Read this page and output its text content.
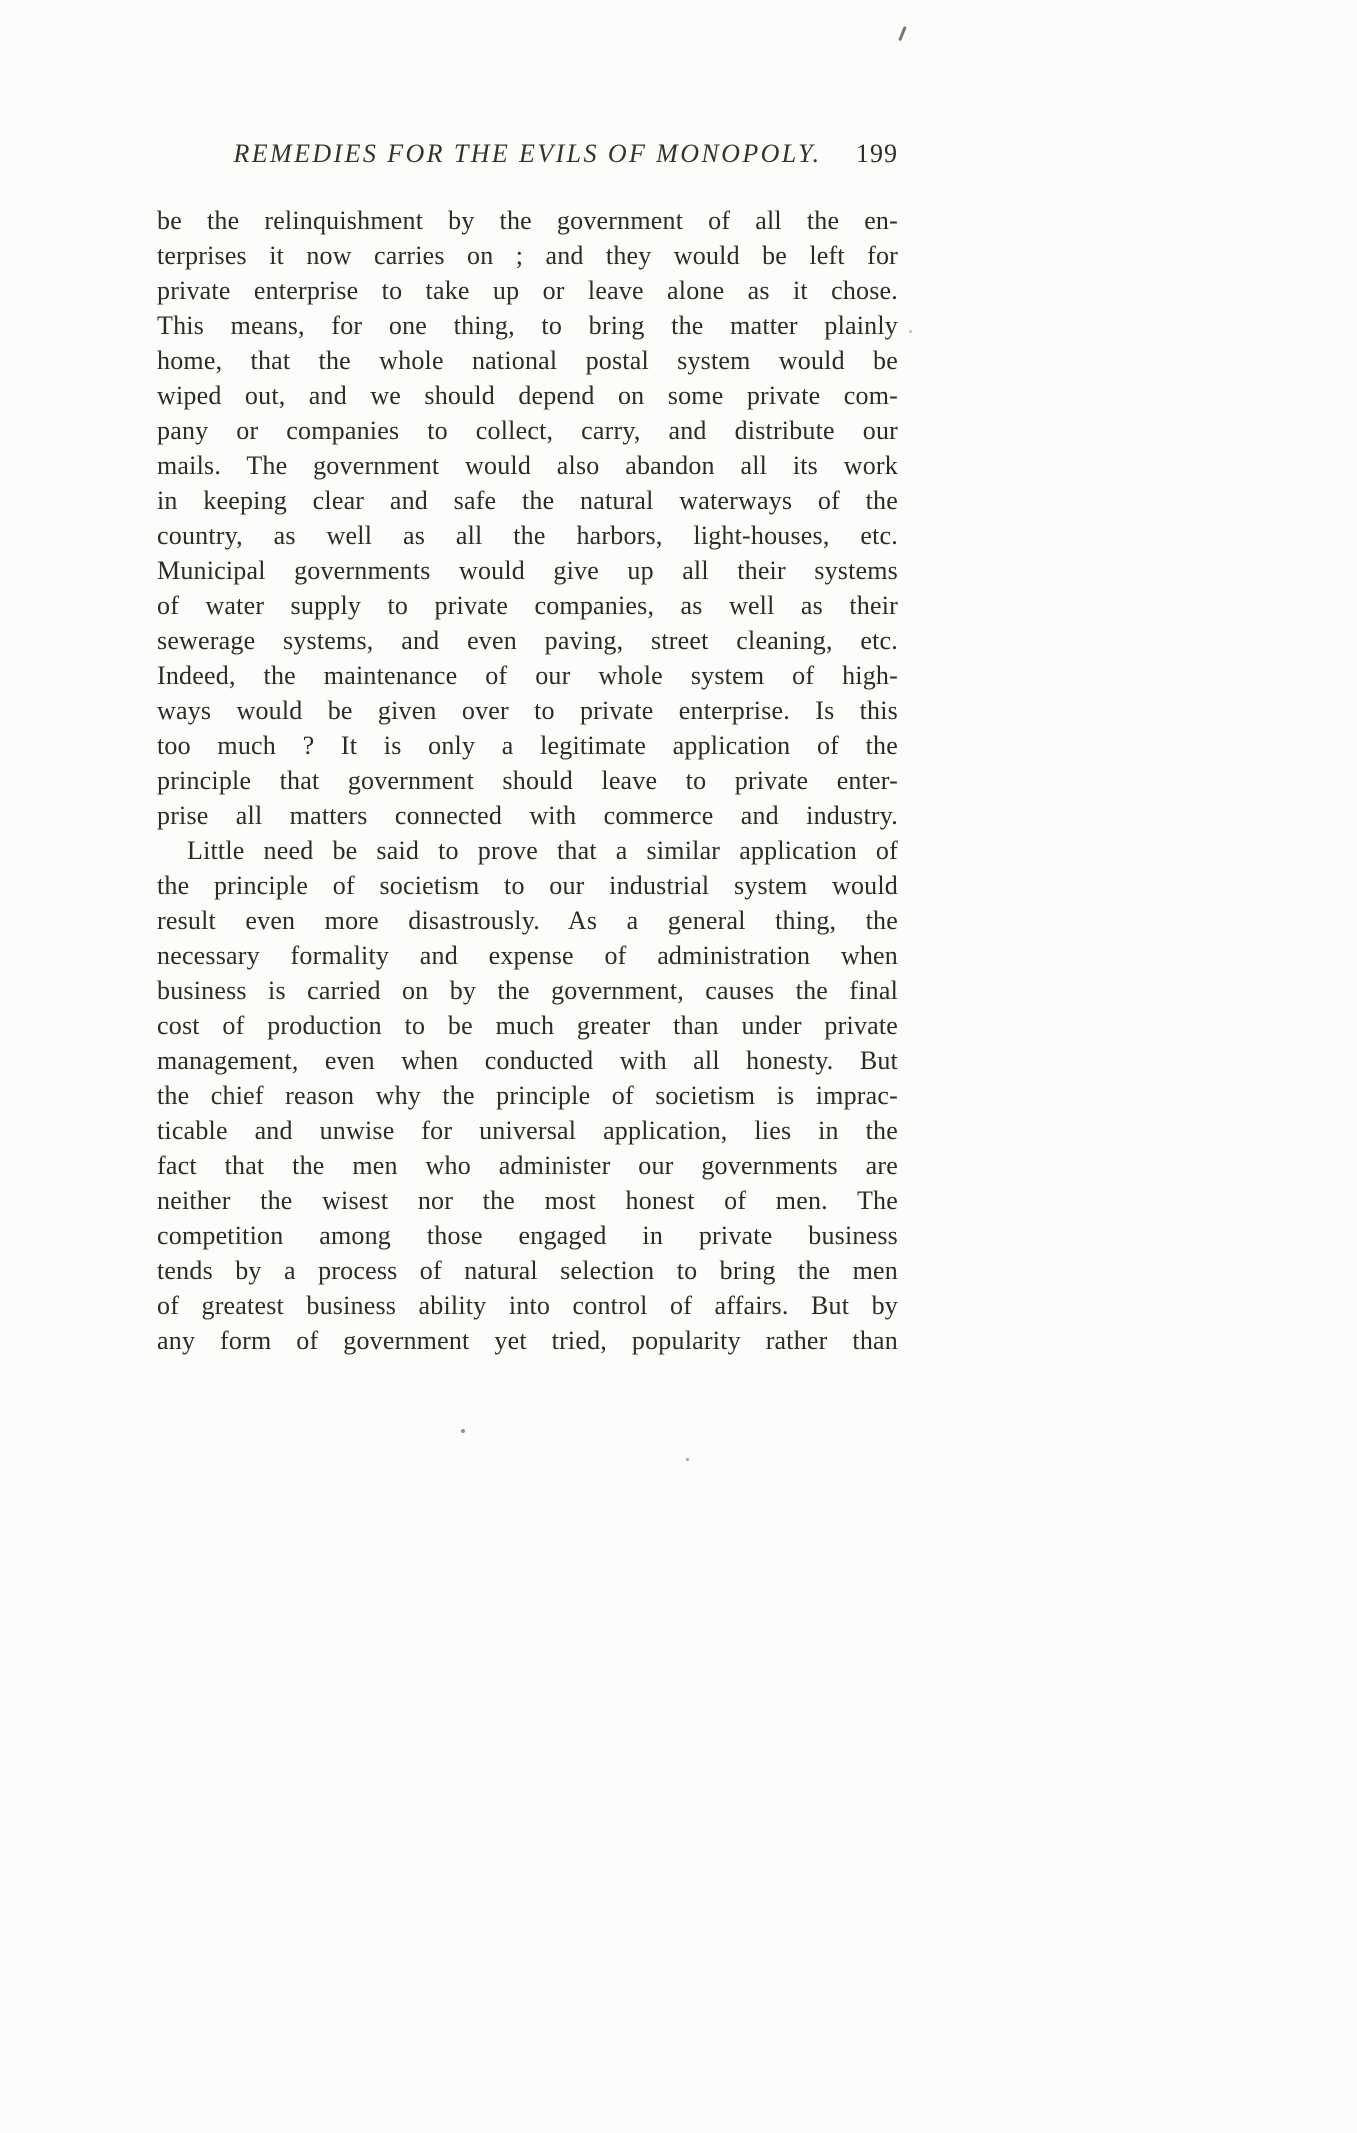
REMEDIES FOR THE EVILS OF MONOPOLY. 199
be the relinquishment by the government of all the en-
terprises it now carries on ; and they would be left for
private enterprise to take up or leave alone as it chose.
This means, for one thing, to bring the matter plainly
home, that the whole national postal system would be
wiped out, and we should depend on some private com-
pany or companies to collect, carry, and distribute our
mails. The government would also abandon all its work
in keeping clear and safe the natural waterways of the
country, as well as all the harbors, light-houses, etc.
Municipal governments would give up all their systems
of water supply to private companies, as well as their
sewerage systems, and even paving, street cleaning, etc.
Indeed, the maintenance of our whole system of high-
ways would be given over to private enterprise. Is this
too much ? It is only a legitimate application of the
principle that government should leave to private enter-
prise all matters connected with commerce and industry.
Little need be said to prove that a similar application of
the principle of societism to our industrial system would
result even more disastrously. As a general thing, the
necessary formality and expense of administration when
business is carried on by the government, causes the final
cost of production to be much greater than under private
management, even when conducted with all honesty. But
the chief reason why the principle of societism is imprac-
ticable and unwise for universal application, lies in the
fact that the men who administer our governments are
neither the wisest nor the most honest of men. The
competition among those engaged in private business
tends by a process of natural selection to bring the men
of greatest business ability into control of affairs. But by
any form of government yet tried, popularity rather than
